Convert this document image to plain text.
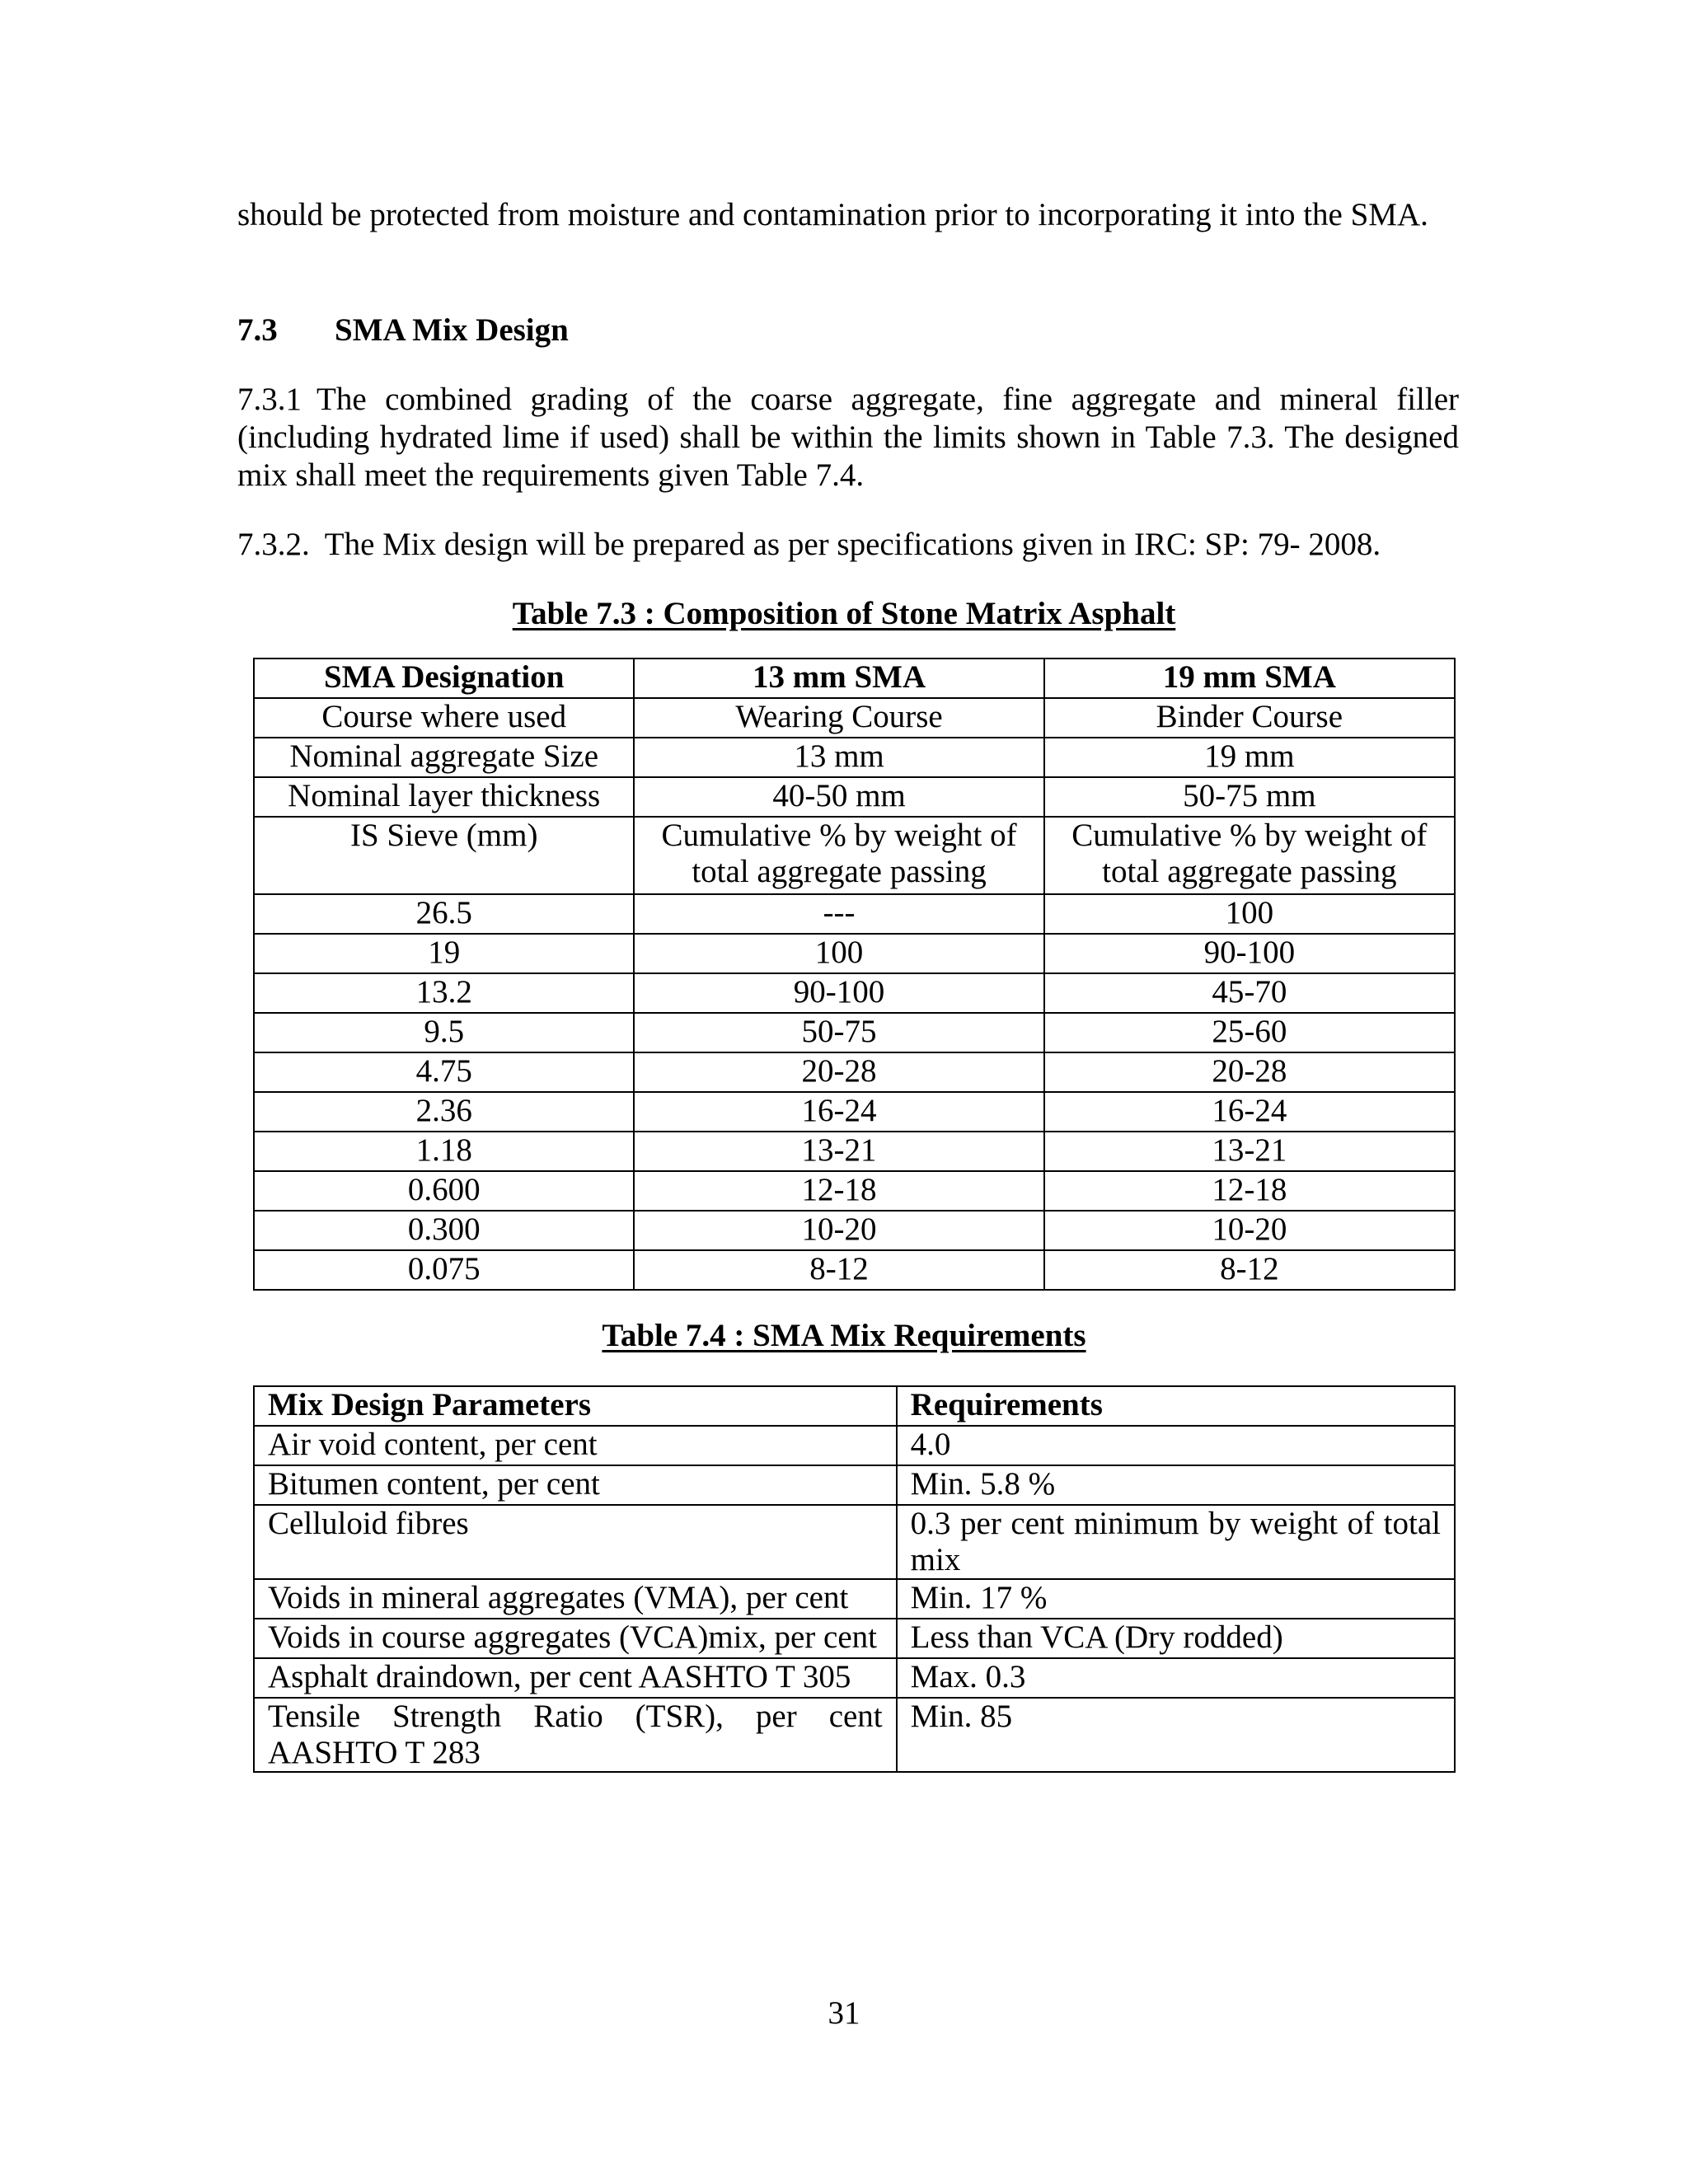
should be protected from moisture and contamination prior to incorporating it into the SMA.

7.3 SMA Mix Design

7.3.1 The combined grading of the coarse aggregate, fine aggregate and mineral filler (including hydrated lime if used) shall be within the limits shown in Table 7.3. The designed mix shall meet the requirements given Table 7.4.

7.3.2. The Mix design will be prepared as per specifications given in IRC: SP: 79- 2008.

Table 7.3 : Composition of Stone Matrix Asphalt

SMA Designation	13 mm SMA	19 mm SMA
Course where used	Wearing Course	Binder Course
Nominal aggregate Size	13 mm	19 mm
Nominal layer thickness	40-50 mm	50-75 mm
IS Sieve (mm)	Cumulative % by weight of total aggregate passing	Cumulative % by weight of total aggregate passing
26.5	---	100
19	100	90-100
13.2	90-100	45-70
9.5	50-75	25-60
4.75	20-28	20-28
2.36	16-24	16-24
1.18	13-21	13-21
0.600	12-18	12-18
0.300	10-20	10-20
0.075	8-12	8-12

Table 7.4 : SMA Mix Requirements

Mix Design Parameters	Requirements
Air void content, per cent	4.0
Bitumen content, per cent	Min. 5.8 %
Celluloid fibres	0.3 per cent minimum by weight of total mix
Voids in mineral aggregates (VMA), per cent	Min. 17 %
Voids in course aggregates (VCA)mix, per cent	Less than VCA (Dry rodded)
Asphalt draindown, per cent AASHTO T 305	Max. 0.3
Tensile Strength Ratio (TSR), per cent AASHTO T 283	Min. 85

31
